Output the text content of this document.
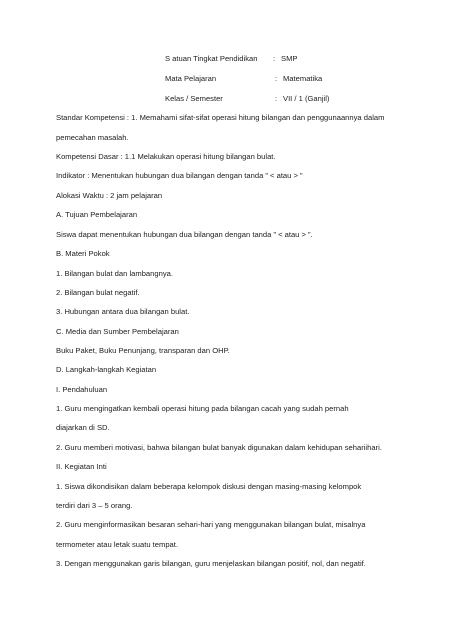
S atuan Tingkat Pendidikan : SMP
Mata Pelajaran	: Matematika
Kelas / Semester	: VII / 1 (Ganjil)
Standar Kompetensi : 1. Memahami sifat-sifat operasi hitung bilangan dan penggunaannya dalam
pemecahan masalah.
Kompetensi Dasar : 1.1 Melakukan operasi hitung bilangan bulat.
Indikator : Menentukan hubungan dua bilangan dengan tanda ” < atau > ”
Alokasi Waktu : 2 jam pelajaran
A. Tujuan Pembelajaran
Siswa dapat menentukan hubungan dua bilangan dengan tanda ” < atau > ”.
B. Materi Pokok
1. Bilangan bulat dan lambangnya.
2. Bilangan bulat negatif.
3. Hubungan antara dua bilangan bulat.
C. Media dan Sumber Pembelajaran
Buku Paket, Buku Penunjang, transparan dan OHP.
D. Langkah-langkah Kegiatan
I. Pendahuluan
1. Guru mengingatkan kembali operasi hitung pada bilangan cacah yang sudah pernah
diajarkan di SD.
2. Guru memberi motivasi, bahwa bilangan bulat banyak digunakan dalam kehidupan sehariihari.
II. Kegiatan Inti
1. Siswa dikondisikan dalam beberapa kelompok diskusi dengan masing-masing kelompok
terdiri dari 3 – 5 orang.
2. Guru menginformasikan besaran sehari-hari yang menggunakan bilangan bulat, misalnya
termometer atau letak suatu tempat.
3. Dengan menggunakan garis bilangan, guru menjelaskan bilangan positif, nol, dan negatif.
